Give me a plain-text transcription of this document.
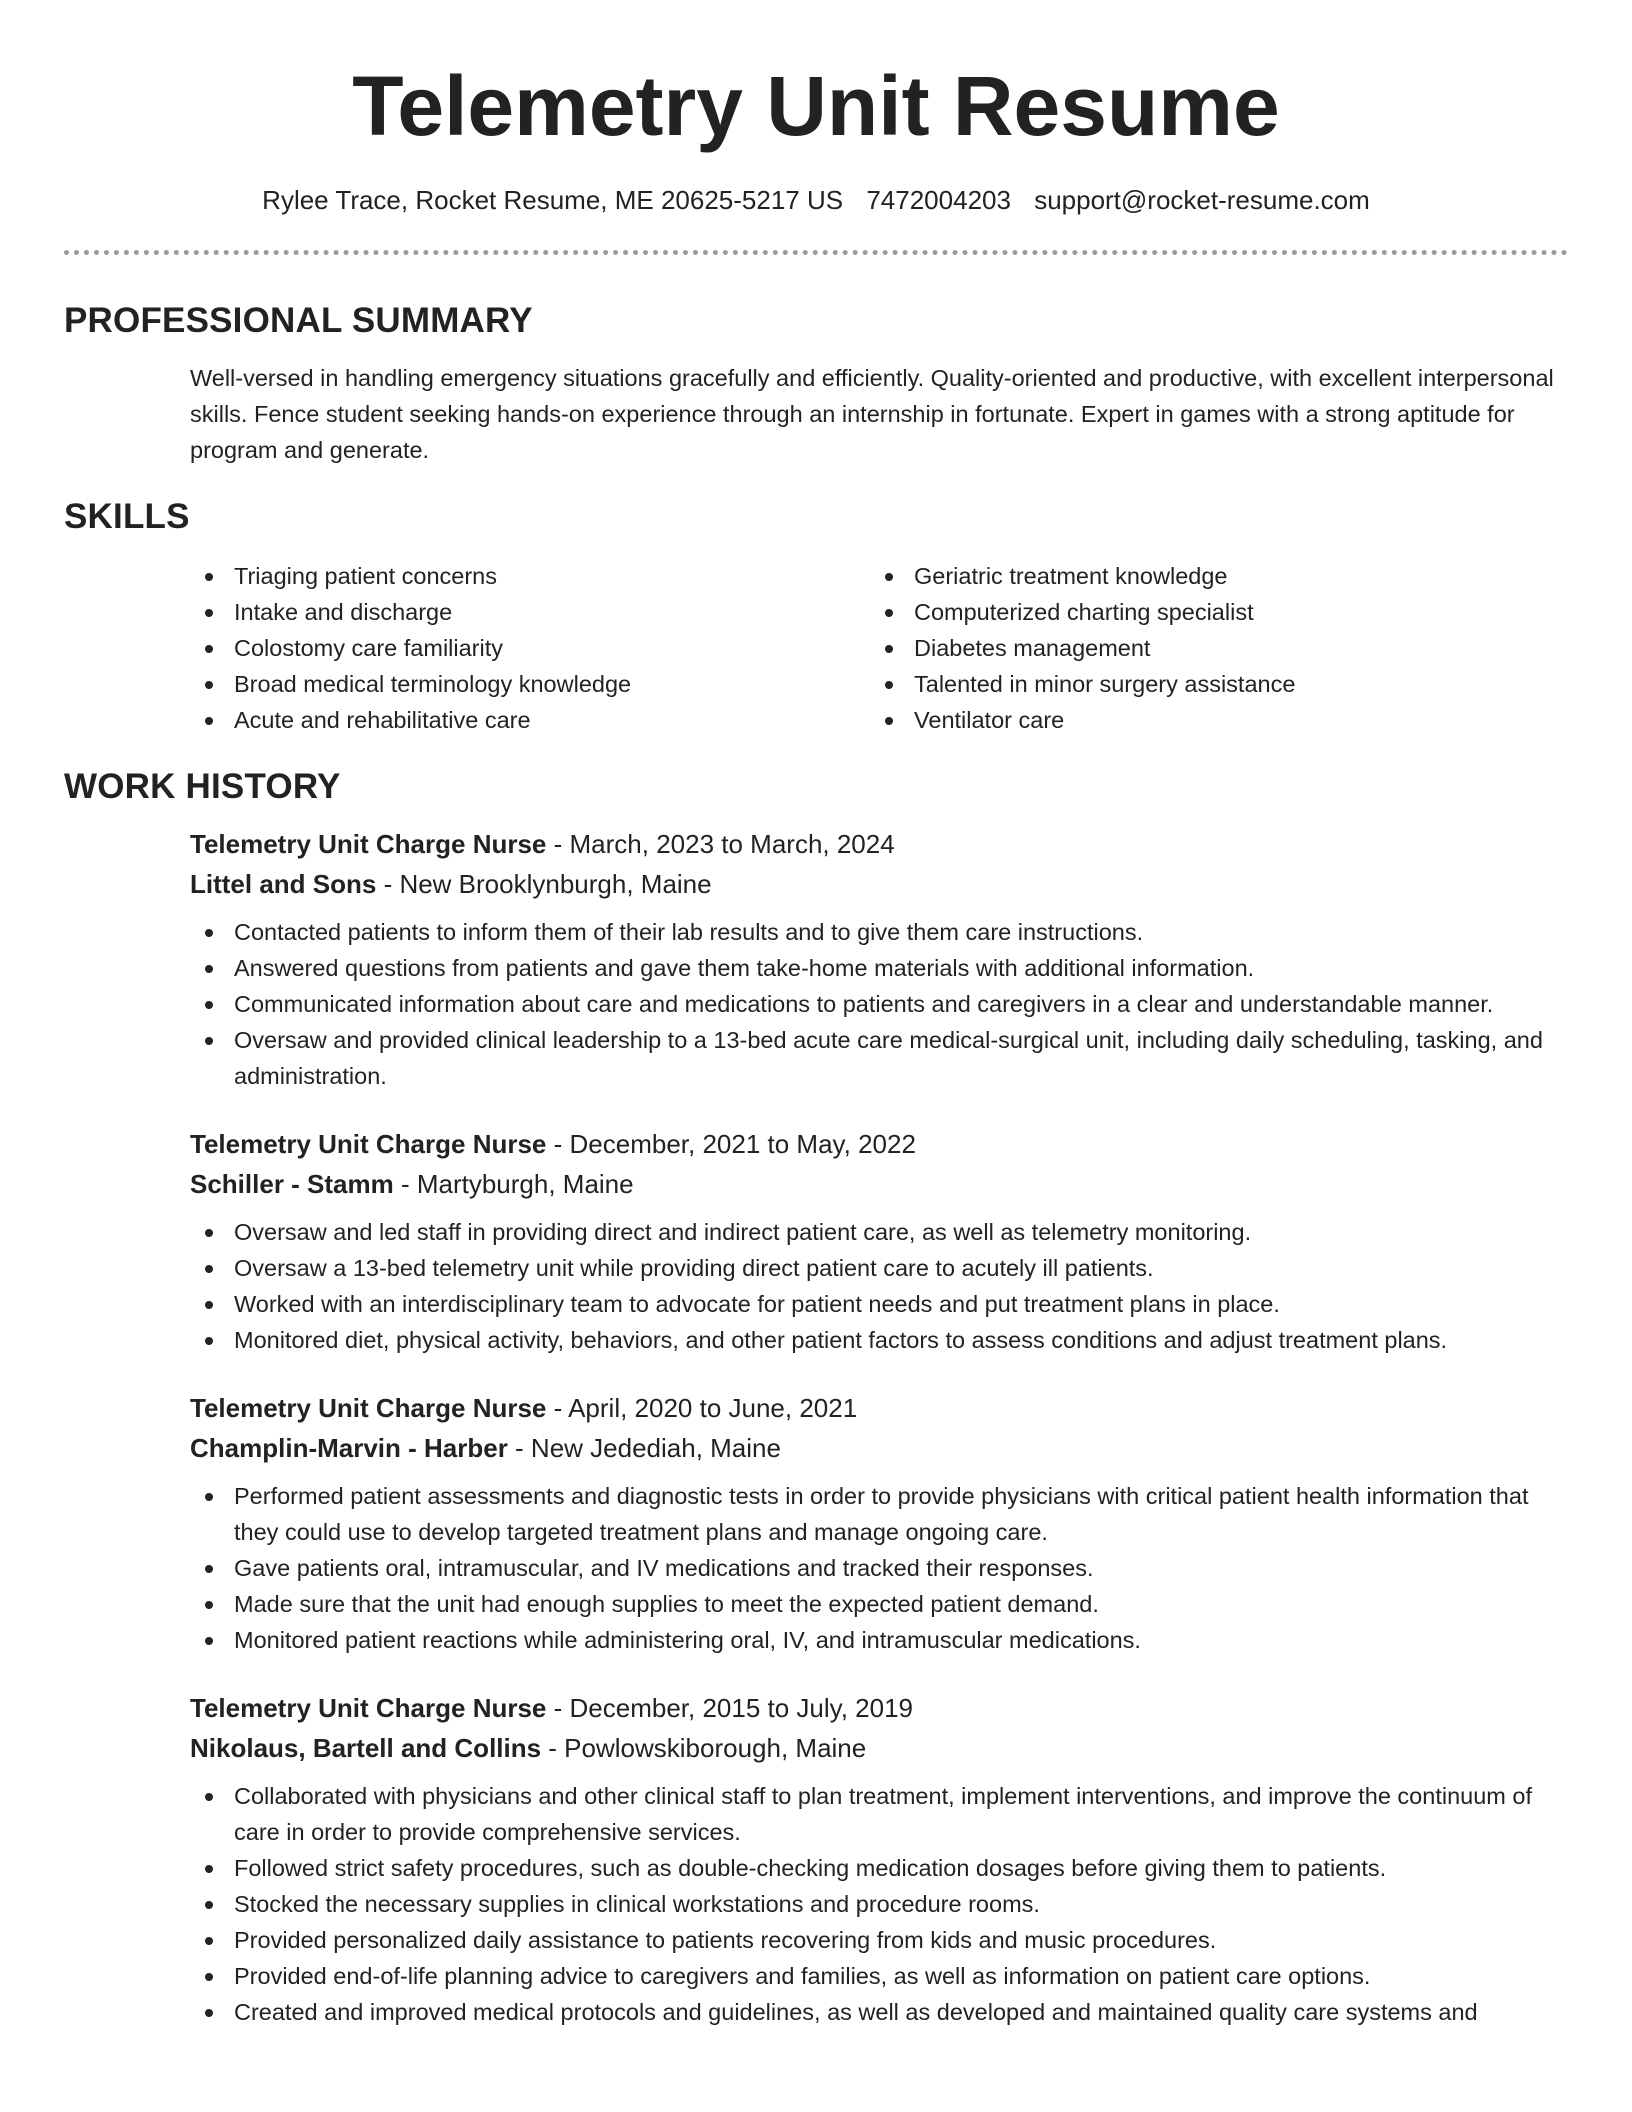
Telemetry Unit Resume
Rylee Trace, Rocket Resume, ME 20625-5217 US 7472004203 support@rocket-resume.com
PROFESSIONAL SUMMARY

Well-versed in handling emergency situations gracefully and efficiently. Quality-oriented and productive, with excellent interpersonal skills. Fence student seeking hands-on experience through an internship in fortunate. Expert in games with a strong aptitude for program and generate.

SKILLS
Triaging patient concerns
Intake and discharge
Colostomy care familiarity
Broad medical terminology knowledge
Acute and rehabilitative care
Geriatric treatment knowledge
Computerized charting specialist
Diabetes management
Talented in minor surgery assistance
Ventilator care
WORK HISTORY
Telemetry Unit Charge Nurse - March, 2023 to March, 2024
Littel and Sons - New Brooklynburgh, Maine
Contacted patients to inform them of their lab results and to give them care instructions.
Answered questions from patients and gave them take-home materials with additional information.
Communicated information about care and medications to patients and caregivers in a clear and understandable manner.
Oversaw and provided clinical leadership to a 13-bed acute care medical-surgical unit, including daily scheduling, tasking, and administration.
Telemetry Unit Charge Nurse - December, 2021 to May, 2022
Schiller - Stamm - Martyburgh, Maine
Oversaw and led staff in providing direct and indirect patient care, as well as telemetry monitoring.
Oversaw a 13-bed telemetry unit while providing direct patient care to acutely ill patients.
Worked with an interdisciplinary team to advocate for patient needs and put treatment plans in place.
Monitored diet, physical activity, behaviors, and other patient factors to assess conditions and adjust treatment plans.
Telemetry Unit Charge Nurse - April, 2020 to June, 2021
Champlin-Marvin - Harber - New Jedediah, Maine
Performed patient assessments and diagnostic tests in order to provide physicians with critical patient health information that they could use to develop targeted treatment plans and manage ongoing care.
Gave patients oral, intramuscular, and IV medications and tracked their responses.
Made sure that the unit had enough supplies to meet the expected patient demand.
Monitored patient reactions while administering oral, IV, and intramuscular medications.
Telemetry Unit Charge Nurse - December, 2015 to July, 2019
Nikolaus, Bartell and Collins - Powlowskiborough, Maine
Collaborated with physicians and other clinical staff to plan treatment, implement interventions, and improve the continuum of care in order to provide comprehensive services.
Followed strict safety procedures, such as double-checking medication dosages before giving them to patients.
Stocked the necessary supplies in clinical workstations and procedure rooms.
Provided personalized daily assistance to patients recovering from kids and music procedures.
Provided end-of-life planning advice to caregivers and families, as well as information on patient care options.
Created and improved medical protocols and guidelines, as well as developed and maintained quality care systems and
